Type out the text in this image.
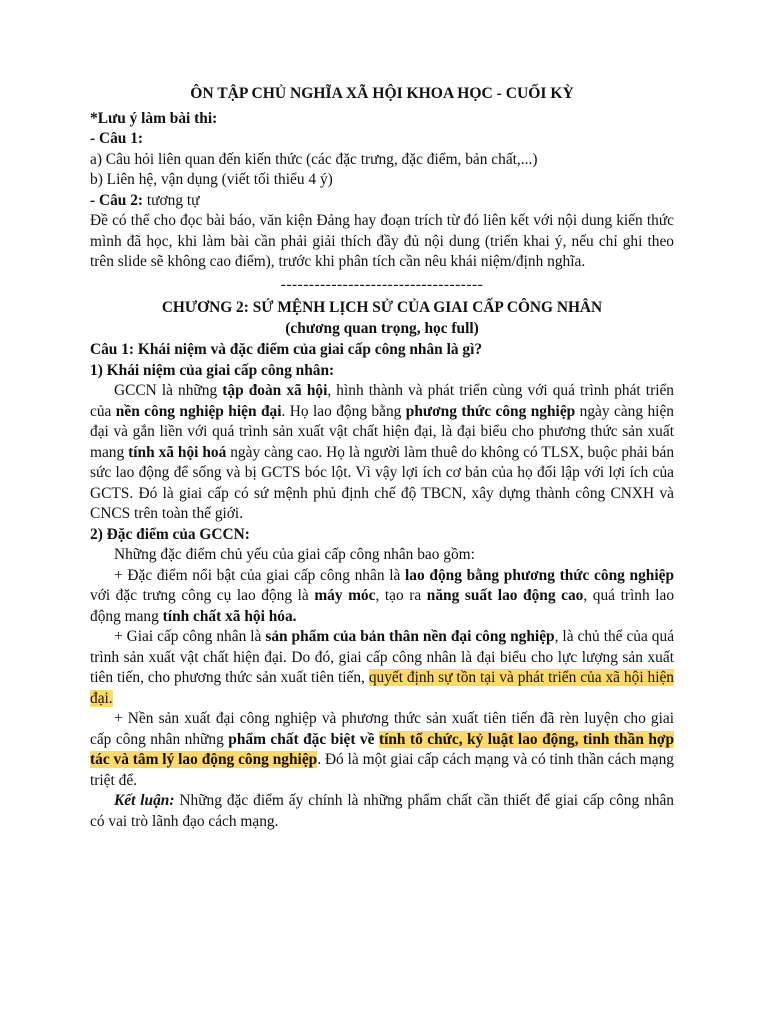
ÔN TẬP CHỦ NGHĨA XÃ HỘI KHOA HỌC - CUỐI KỲ

*Lưu ý làm bài thi:

- Câu 1:

a) Câu hỏi liên quan đến kiến thức (các đặc trưng, đặc điểm, bản chất,...)

b) Liên hệ, vận dụng (viết tối thiểu 4 ý)

- Câu 2: tương tự

Đề có thể cho đọc bài báo, văn kiện Đảng hay đoạn trích từ đó liên kết với nội dung kiến thức mình đã học, khi làm bài cần phải giải thích đầy đủ nội dung (triển khai ý, nếu chỉ ghi theo trên slide sẽ không cao điểm), trước khi phân tích cần nêu khái niệm/định nghĩa.

------------------------------------

CHƯƠNG 2: SỨ MỆNH LỊCH SỬ CỦA GIAI CẤP CÔNG NHÂN

(chương quan trọng, học full)

Câu 1: Khái niệm và đặc điểm của giai cấp công nhân là gì?

1) Khái niệm của giai cấp công nhân:

GCCN là những tập đoàn xã hội, hình thành và phát triển cùng với quá trình phát triển của nền công nghiệp hiện đại. Họ lao động bằng phương thức công nghiệp ngày càng hiện đại và gắn liền với quá trình sản xuất vật chất hiện đại, là đại biểu cho phương thức sản xuất mang tính xã hội hoá ngày càng cao. Họ là người làm thuê do không có TLSX, buộc phải bán sức lao động để sống và bị GCTS bóc lột. Vì vậy lợi ích cơ bản của họ đối lập với lợi ích của GCTS. Đó là giai cấp có sứ mệnh phủ định chế độ TBCN, xây dựng thành công CNXH và CNCS trên toàn thế giới.

2) Đặc điểm của GCCN:

Những đặc điểm chủ yếu của giai cấp công nhân bao gồm:

+ Đặc điểm nổi bật của giai cấp công nhân là lao động bằng phương thức công nghiệp với đặc trưng công cụ lao động là máy móc, tạo ra năng suất lao động cao, quá trình lao động mang tính chất xã hội hóa.

+ Giai cấp công nhân là sản phẩm của bản thân nền đại công nghiệp, là chủ thể của quá trình sản xuất vật chất hiện đại. Do đó, giai cấp công nhân là đại biểu cho lực lượng sản xuất tiên tiến, cho phương thức sản xuất tiên tiến, quyết định sự tồn tại và phát triển của xã hội hiện đại.

+ Nền sản xuất đại công nghiệp và phương thức sản xuất tiên tiến đã rèn luyện cho giai cấp công nhân những phẩm chất đặc biệt về tính tổ chức, kỷ luật lao động, tinh thần hợp tác và tâm lý lao động công nghiệp. Đó là một giai cấp cách mạng và có tinh thần cách mạng triệt để.

Kết luận: Những đặc điểm ấy chính là những phẩm chất cần thiết để giai cấp công nhân có vai trò lãnh đạo cách mạng.
